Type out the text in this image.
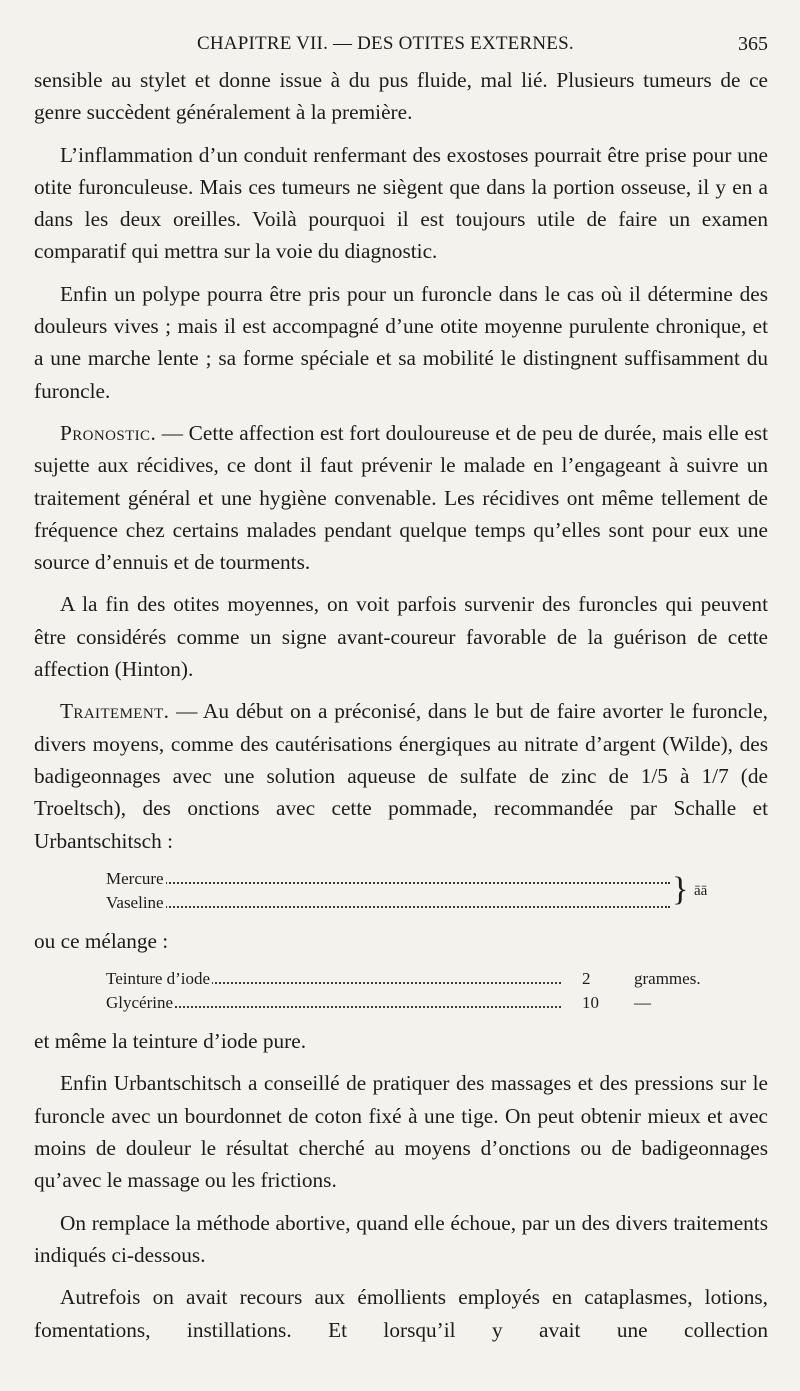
CHAPITRE VII. — DES OTITES EXTERNES.	365

sensible au stylet et donne issue à du pus fluide, mal lié. Plusieurs tumeurs de ce genre succèdent généralement à la première.

L’inflammation d’un conduit renfermant des exostoses pourrait être prise pour une otite furonculeuse. Mais ces tumeurs ne siègent que dans la portion osseuse, il y en a dans les deux oreilles. Voilà pourquoi il est toujours utile de faire un examen comparatif qui mettra sur la voie du diagnostic.

Enfin un polype pourra être pris pour un furoncle dans le cas où il détermine des douleurs vives ; mais il est accompagné d’une otite moyenne purulente chronique, et a une marche lente ; sa forme spéciale et sa mobilité le distingnent suffisamment du furoncle.

Pronostic. — Cette affection est fort douloureuse et de peu de durée, mais elle est sujette aux récidives, ce dont il faut prévenir le malade en l’engageant à suivre un traitement général et une hygiène convenable. Les récidives ont même tellement de fréquence chez certains malades pendant quelque temps qu’elles sont pour eux une source d’ennuis et de tourments.

A la fin des otites moyennes, on voit parfois survenir des furoncles qui peuvent être considérés comme un signe avant-coureur favorable de la guérison de cette affection (Hinton).

Traitement. — Au début on a préconisé, dans le but de faire avorter le furoncle, divers moyens, comme des cautérisations énergiques au nitrate d’argent (Wilde), des badigeonnages avec une solution aqueuse de sulfate de zinc de 1/5 à 1/7 (de Troeltsch), des onctions avec cette pommade, recommandée par Schalle et Urbantschitsch :

Mercure
Vaseline	} āā

ou ce mélange :

Teinture d’iode	2	grammes.
Glycérine	10 —

et même la teinture d’iode pure.

Enfin Urbantschitsch a conseillé de pratiquer des massages et des pressions sur le furoncle avec un bourdonnet de coton fixé à une tige. On peut obtenir mieux et avec moins de douleur le résultat cherché au moyens d’onctions ou de badigeonnages qu’avec le massage ou les frictions.

On remplace la méthode abortive, quand elle échoue, par un des divers traitements indiqués ci-dessous.

Autrefois on avait recours aux émollients employés en cataplasmes, lotions, fomentations, instillations. Et lorsqu’il y avait une collection
